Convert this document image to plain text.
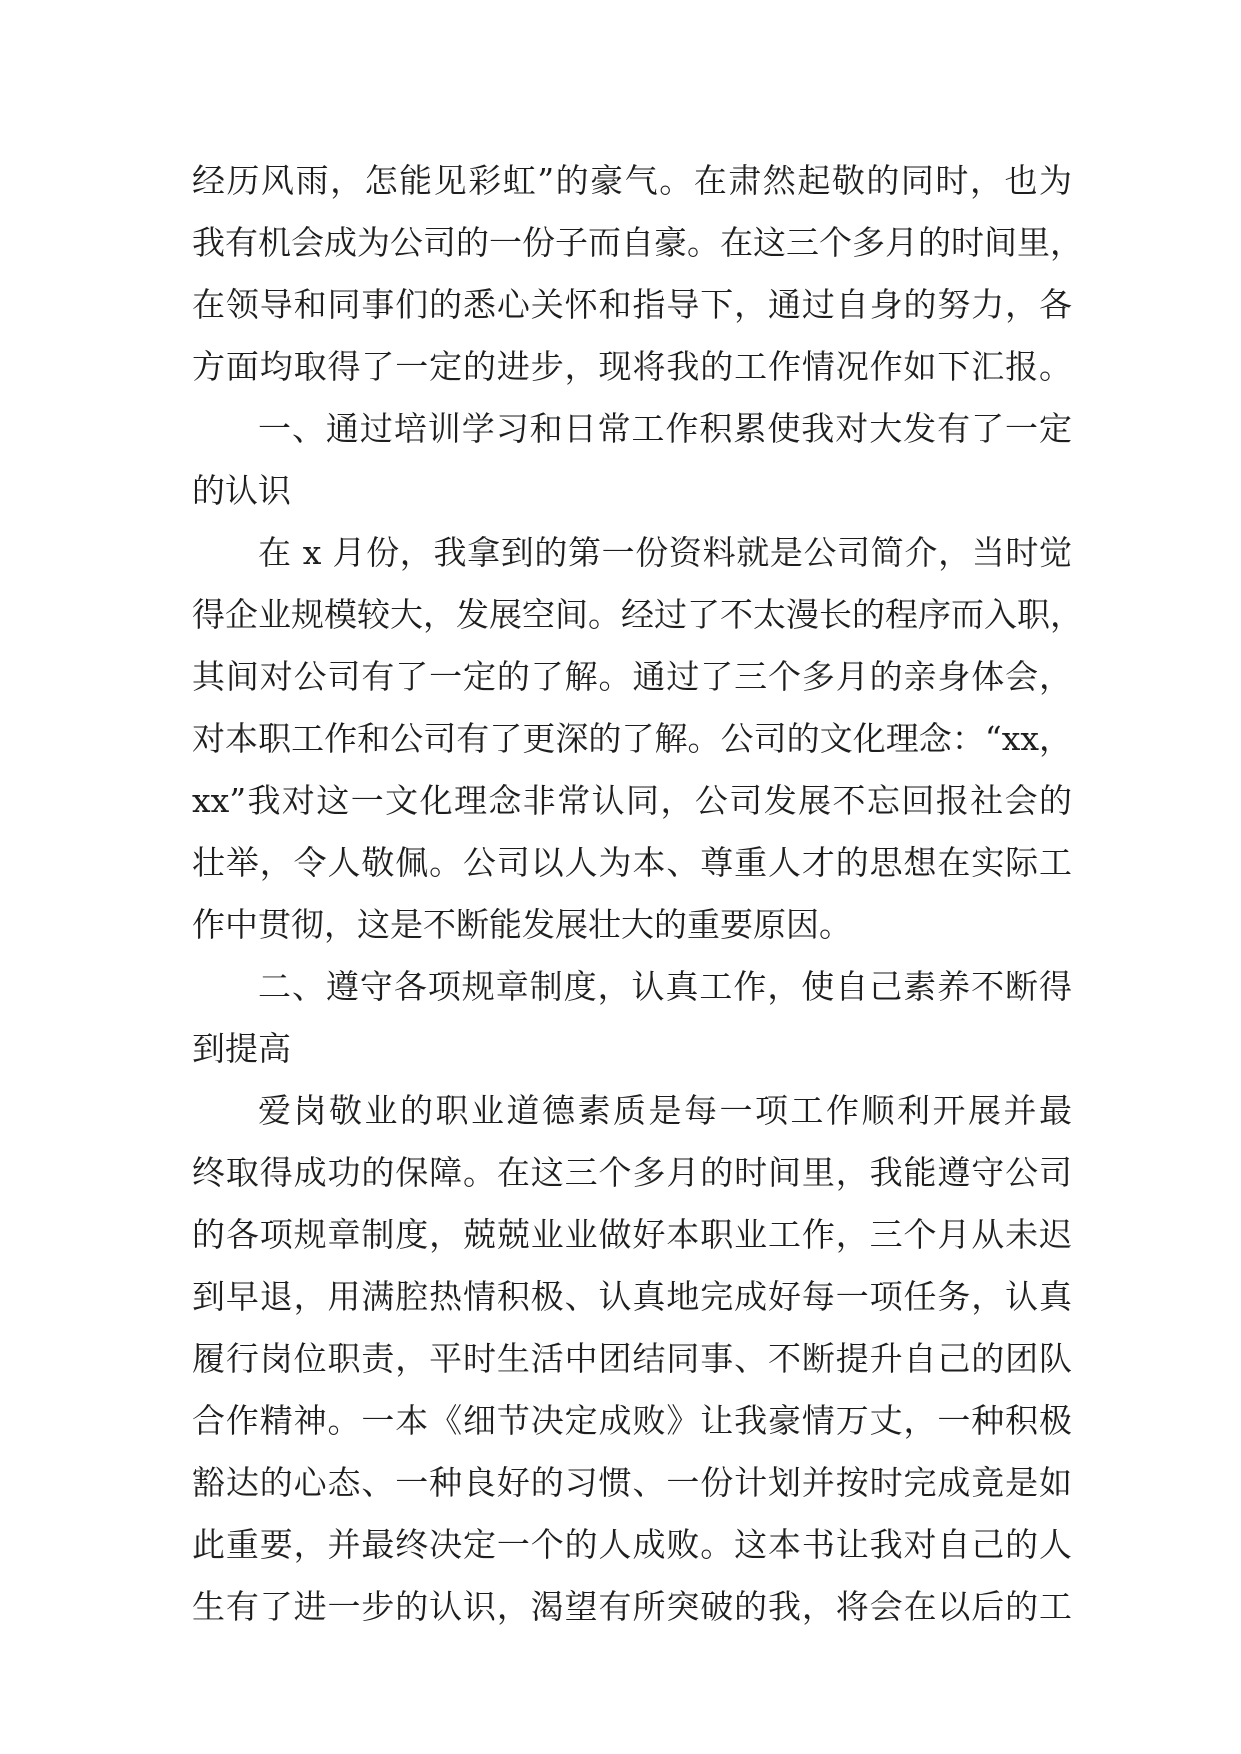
经历风雨，怎能见彩虹”的豪气。在肃然起敬的同时，也为
我有机会成为公司的一份子而自豪。在这三个多月的时间里，
在领导和同事们的悉心关怀和指导下，通过自身的努力，各
方面均取得了一定的进步，现将我的工作情况作如下汇报。
一、通过培训学习和日常工作积累使我对大发有了一定
的认识
在 x 月份，我拿到的第一份资料就是公司简介，当时觉
得企业规模较大，发展空间。经过了不太漫长的程序而入职，
其间对公司有了一定的了解。通过了三个多月的亲身体会，
对本职工作和公司有了更深的了解。公司的文化理念：“xx，
xx”我对这一文化理念非常认同，公司发展不忘回报社会的
壮举，令人敬佩。公司以人为本、尊重人才的思想在实际工
作中贯彻，这是不断能发展壮大的重要原因。
二、遵守各项规章制度，认真工作，使自己素养不断得
到提高
爱岗敬业的职业道德素质是每一项工作顺利开展并最
终取得成功的保障。在这三个多月的时间里，我能遵守公司
的各项规章制度，兢兢业业做好本职业工作，三个月从未迟
到早退，用满腔热情积极、认真地完成好每一项任务，认真
履行岗位职责，平时生活中团结同事、不断提升自己的团队
合作精神。一本《细节决定成败》让我豪情万丈，一种积极
豁达的心态、一种良好的习惯、一份计划并按时完成竟是如
此重要，并最终决定一个的人成败。这本书让我对自己的人
生有了进一步的认识，渴望有所突破的我，将会在以后的工
